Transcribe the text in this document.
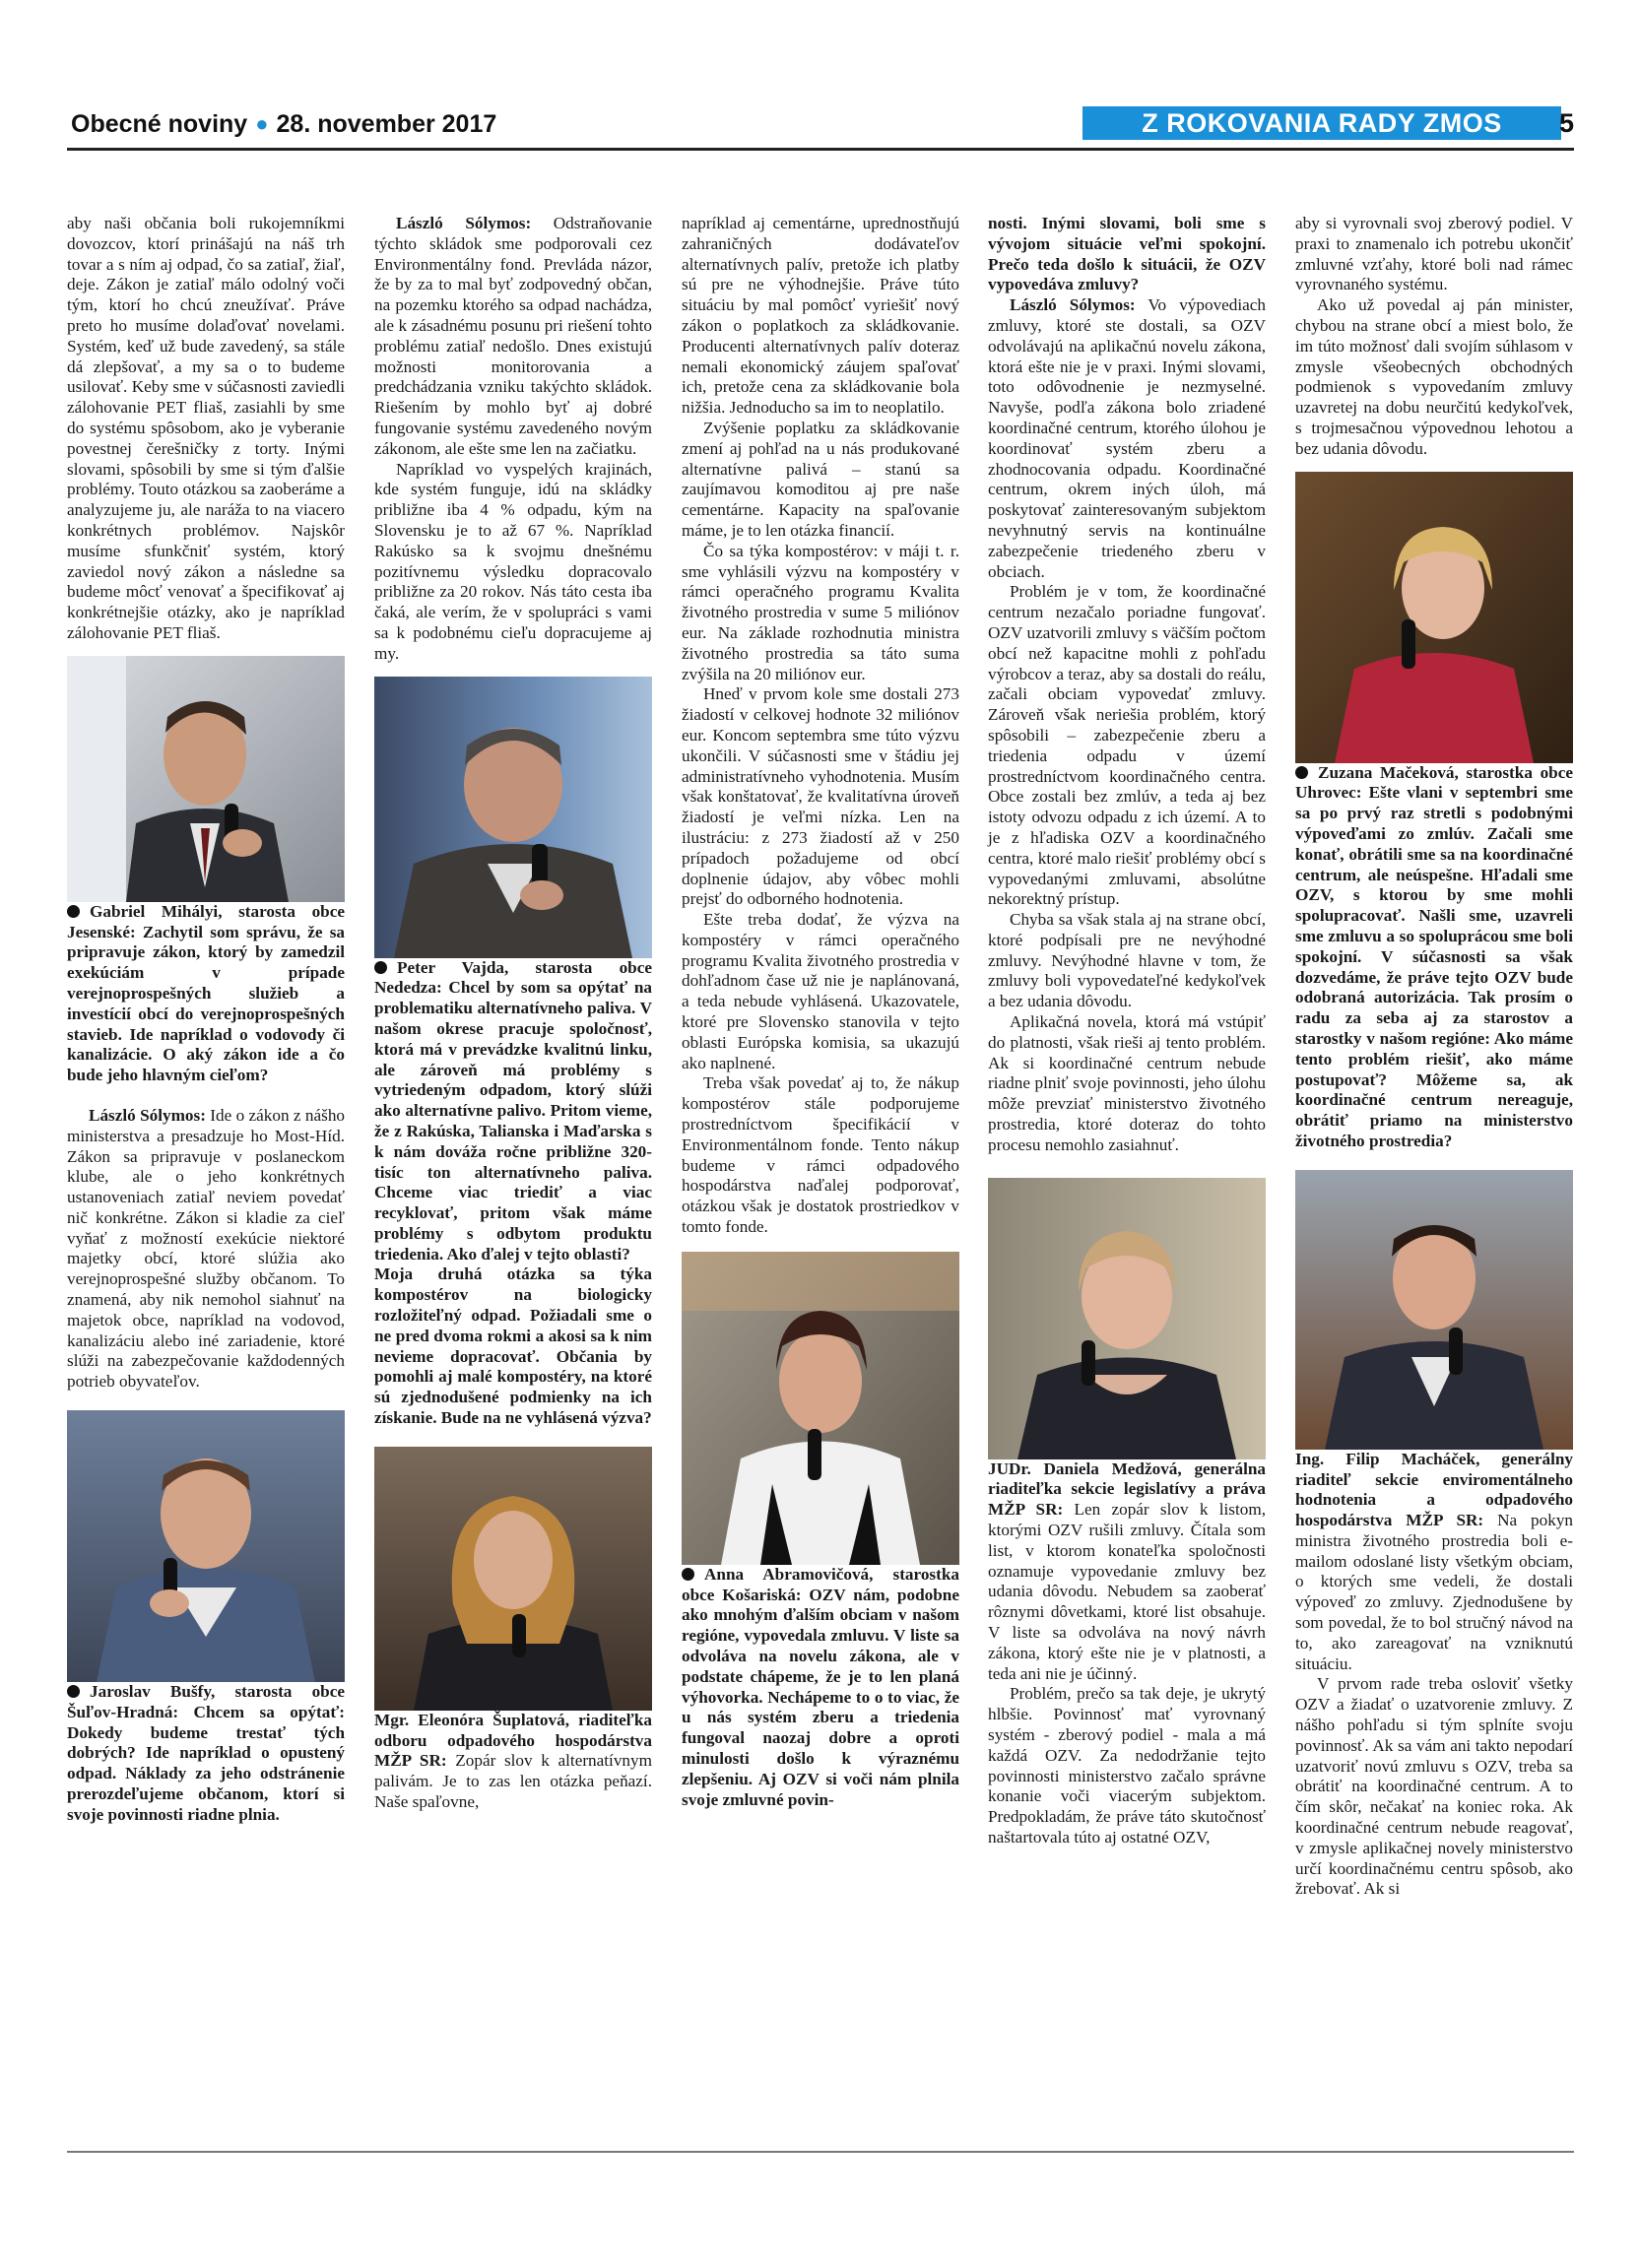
Obecné noviny ● 28. november 2017	Z ROKOVANIA RADY ZMOS	5

aby naši občania boli rukojemníkmi dovozcov, ktorí prinášajú na náš trh tovar a s ním aj odpad, čo sa zatiaľ, žiaľ, deje. Zákon je zatiaľ málo odolný voči tým, ktorí ho chcú zneužívať. Práve preto ho musíme dolaďovať novelami. Systém, keď už bude zavedený, sa stále dá zlepšovať, a my sa o to budeme usilovať. Keby sme v súčasnosti zaviedli zálohovanie PET fliaš, zasiahli by sme do systému spôsobom, ako je vyberanie povestnej čerešničky z torty. Inými slovami, spôsobili by sme si tým ďalšie problémy. Touto otázkou sa zaoberáme a analyzujeme ju, ale naráža to na viacero konkrétnych problémov. Najskôr musíme sfunkčniť systém, ktorý zaviedol nový zákon a následne sa budeme môcť venovať a špecifikovať aj konkrétnejšie otázky, ako je napríklad zálohovanie PET fliaš.

Gabriel Mihályi, starosta obce Jesenské: Zachytil som správu, že sa pripravuje zákon, ktorý by zamedzil exekúciám v prípade verejnoprospešných služieb a investícií obcí do verejnoprospešných stavieb. Ide napríklad o vodovody či kanalizácie. O aký zákon ide a čo bude jeho hlavným cieľom?

László Sólymos: Ide o zákon z nášho ministerstva a presadzuje ho Most-Híd. Zákon sa pripravuje v poslaneckom klube, ale o jeho konkrétnych ustanoveniach zatiaľ neviem povedať nič konkrétne. Zákon si kladie za cieľ vyňať z možností exekúcie niektoré majetky obcí, ktoré slúžia ako verejnoprospešné služby občanom. To znamená, aby nik nemohol siahnuť na majetok obce, napríklad na vodovod, kanalizáciu alebo iné zariadenie, ktoré slúži na zabezpečovanie každodenných potrieb obyvateľov.

Jaroslav Bušfy, starosta obce Šuľov-Hradná: Chcem sa opýtať: Dokedy budeme trestať tých dobrých? Ide napríklad o opustený odpad. Náklady za jeho odstránenie prerozdeľujeme občanom, ktorí si svoje povinnosti riadne plnia.

László Sólymos: Odstraňovanie týchto skládok sme podporovali cez Environmentálny fond. Prevláda názor, že by za to mal byť zodpovedný občan, na pozemku ktorého sa odpad nachádza, ale k zásadnému posunu pri riešení tohto problému zatiaľ nedošlo. Dnes existujú možnosti monitorovania a predchádzania vzniku takýchto skládok. Riešením by mohlo byť aj dobré fungovanie systému zavedeného novým zákonom, ale ešte sme len na začiatku.

Napríklad vo vyspelých krajinách, kde systém funguje, idú na skládky približne iba 4 % odpadu, kým na Slovensku je to až 67 %. Napríklad Rakúsko sa k svojmu dnešnému pozitívnemu výsledku dopracovalo približne za 20 rokov. Nás táto cesta iba čaká, ale verím, že v spolupráci s vami sa k podobnému cieľu dopracujeme aj my.

Peter Vajda, starosta obce Nededza: Chcel by som sa opýtať na problematiku alternatívneho paliva. V našom okrese pracuje spoločnosť, ktorá má v prevádzke kvalitnú linku, ale zároveň má problémy s vytriedeným odpadom, ktorý slúži ako alternatívne palivo. Pritom vieme, že z Rakúska, Talianska i Maďarska s k nám dováža ročne približne 320-tisíc ton alternatívneho paliva. Chceme viac triediť a viac recyklovať, pritom však máme problémy s odbytom produktu triedenia. Ako ďalej v tejto oblasti?

Moja druhá otázka sa týka kompostérov na biologicky rozložiteľný odpad. Požiadali sme o ne pred dvoma rokmi a akosi sa k nim nevieme dopracovať. Občania by pomohli aj malé kompostéry, na ktoré sú zjednodušené podmienky na ich získanie. Bude na ne vyhlásená výzva?

Mgr. Eleonóra Šuplatová, riaditeľka odboru odpadového hospodárstva MŽP SR: Zopár slov k alternatívnym palivám. Je to zas len otázka peňazí. Naše spaľovne,

napríklad aj cementárne, uprednostňujú zahraničných dodávateľov alternatívnych palív, pretože ich platby sú pre ne výhodnejšie. Práve túto situáciu by mal pomôcť vyriešiť nový zákon o poplatkoch za skládkovanie. Producenti alternatívnych palív doteraz nemali ekonomický záujem spaľovať ich, pretože cena za skládkovanie bola nižšia. Jednoducho sa im to neoplatilo.

Zvýšenie poplatku za skládkovanie zmení aj pohľad na u nás produkované alternatívne palivá – stanú sa zaujímavou komoditou aj pre naše cementárne. Kapacity na spaľovanie máme, je to len otázka financií.

Čo sa týka kompostérov: v máji t. r. sme vyhlásili výzvu na kompostéry v rámci operačného programu Kvalita životného prostredia v sume 5 miliónov eur. Na základe rozhodnutia ministra životného prostredia sa táto suma zvýšila na 20 miliónov eur.

Hneď v prvom kole sme dostali 273 žiadostí v celkovej hodnote 32 miliónov eur. Koncom septembra sme túto výzvu ukončili. V súčasnosti sme v štádiu jej administratívneho vyhodnotenia. Musím však konštatovať, že kvalitatívna úroveň žiadostí je veľmi nízka. Len na ilustráciu: z 273 žiadostí až v 250 prípadoch požadujeme od obcí doplnenie údajov, aby vôbec mohli prejsť do odborného hodnotenia.

Ešte treba dodať, že výzva na kompostéry v rámci operačného programu Kvalita životného prostredia v dohľadnom čase už nie je naplánovaná, a teda nebude vyhlásená. Ukazovatele, ktoré pre Slovensko stanovila v tejto oblasti Európska komisia, sa ukazujú ako naplnené.

Treba však povedať aj to, že nákup kompostérov stále podporujeme prostredníctvom špecifikácií v Environmentálnom fonde. Tento nákup budeme v rámci odpadového hospodárstva naďalej podporovať, otázkou však je dostatok prostriedkov v tomto fonde.

Anna Abramovičová, starostka obce Košariská: OZV nám, podobne ako mnohým ďalším obciam v našom regióne, vypovedala zmluvu. V liste sa odvoláva na novelu zákona, ale v podstate chápeme, že je to len planá výhovorka. Nechápeme to o to viac, že u nás systém zberu a triedenia fungoval naozaj dobre a oproti minulosti došlo k výraznému zlepšeniu. Aj OZV si voči nám plnila svoje zmluvné povin-

nosti. Inými slovami, boli sme s vývojom situácie veľmi spokojní. Prečo teda došlo k situácii, že OZV vypovedáva zmluvy?

László Sólymos: Vo výpovediach zmluvy, ktoré ste dostali, sa OZV odvolávajú na aplikačnú novelu zákona, ktorá ešte nie je v praxi. Inými slovami, toto odôvodnenie je nezmyselné. Navyše, podľa zákona bolo zriadené koordinačné centrum, ktorého úlohou je koordinovať systém zberu a zhodnocovania odpadu. Koordinačné centrum, okrem iných úloh, má poskytovať zainteresovaným subjektom nevyhnutný servis na kontinuálne zabezpečenie triedeného zberu v obciach.

Problém je v tom, že koordinačné centrum nezačalo poriadne fungovať. OZV uzatvorili zmluvy s väčším počtom obcí než kapacitne mohli z pohľadu výrobcov a teraz, aby sa dostali do reálu, začali obciam vypovedať zmluvy. Zároveň však neriešia problém, ktorý spôsobili – zabezpečenie zberu a triedenia odpadu v území prostredníctvom koordinačného centra. Obce zostali bez zmlúv, a teda aj bez istoty odvozu odpadu z ich území. A to je z hľadiska OZV a koordinačného centra, ktoré malo riešiť problémy obcí s vypovedanými zmluvami, absolútne nekorektný prístup.

Chyba sa však stala aj na strane obcí, ktoré podpísali pre ne nevýhodné zmluvy. Nevýhodné hlavne v tom, že zmluvy boli vypovedateľné kedykoľvek a bez udania dôvodu.

Aplikačná novela, ktorá má vstúpiť do platnosti, však rieši aj tento problém. Ak si koordinačné centrum nebude riadne plniť svoje povinnosti, jeho úlohu môže prevziať ministerstvo životného prostredia, ktoré doteraz do tohto procesu nemohlo zasiahnuť.

JUDr. Daniela Medžová, generálna riaditeľka sekcie legislatívy a práva MŽP SR: Len zopár slov k listom, ktorými OZV rušili zmluvy. Čítala som list, v ktorom konateľka spoločnosti oznamuje vypovedanie zmluvy bez udania dôvodu. Nebudem sa zaoberať rôznymi dôvetkami, ktoré list obsahuje. V liste sa odvoláva na nový návrh zákona, ktorý ešte nie je v platnosti, a teda ani nie je účinný.

Problém, prečo sa tak deje, je ukrytý hlbšie. Povinnosť mať vyrovnaný systém - zberový podiel - mala a má každá OZV. Za nedodržanie tejto povinnosti ministerstvo začalo správne konanie voči viacerým subjektom. Predpokladám, že práve táto skutočnosť naštartovala túto aj ostatné OZV,

aby si vyrovnali svoj zberový podiel. V praxi to znamenalo ich potrebu ukončiť zmluvné vzťahy, ktoré boli nad rámec vyrovnaného systému.

Ako už povedal aj pán minister, chybou na strane obcí a miest bolo, že im túto možnosť dali svojím súhlasom v zmysle všeobecných obchodných podmienok s vypovedaním zmluvy uzavretej na dobu neurčitú kedykoľvek, s trojmesačnou výpovednou lehotou a bez udania dôvodu.

Zuzana Mačeková, starostka obce Uhrovec: Ešte vlani v septembri sme sa po prvý raz stretli s podobnými výpoveďami zo zmlúv. Začali sme konať, obrátili sme sa na koordinačné centrum, ale neúspešne. Hľadali sme OZV, s ktorou by sme mohli spolupracovať. Našli sme, uzavreli sme zmluvu a so spoluprácou sme boli spokojní. V súčasnosti sa však dozvedáme, že práve tejto OZV bude odobraná autorizácia. Tak prosím o radu za seba aj za starostov a starostky v našom regióne: Ako máme tento problém riešiť, ako máme postupovať? Môžeme sa, ak koordinačné centrum nereaguje, obrátiť priamo na ministerstvo životného prostredia?

Ing. Filip Macháček, generálny riaditeľ sekcie enviromentálneho hodnotenia a odpadového hospodárstva MŽP SR: Na pokyn ministra životného prostredia boli e-mailom odoslané listy všetkým obciam, o ktorých sme vedeli, že dostali výpoveď zo zmluvy. Zjednodušene by som povedal, že to bol stručný návod na to, ako zareagovať na vzniknutú situáciu.

V prvom rade treba osloviť všetky OZV a žiadať o uzatvorenie zmluvy. Z nášho pohľadu si tým splníte svoju povinnosť. Ak sa vám ani takto nepodarí uzatvoriť novú zmluvu s OZV, treba sa obrátiť na koordinačné centrum. A to čím skôr, nečakať na koniec roka. Ak koordinačné centrum nebude reagovať, v zmysle aplikačnej novely ministerstvo určí koordinačnému centru spôsob, ako žrebovať. Ak si
